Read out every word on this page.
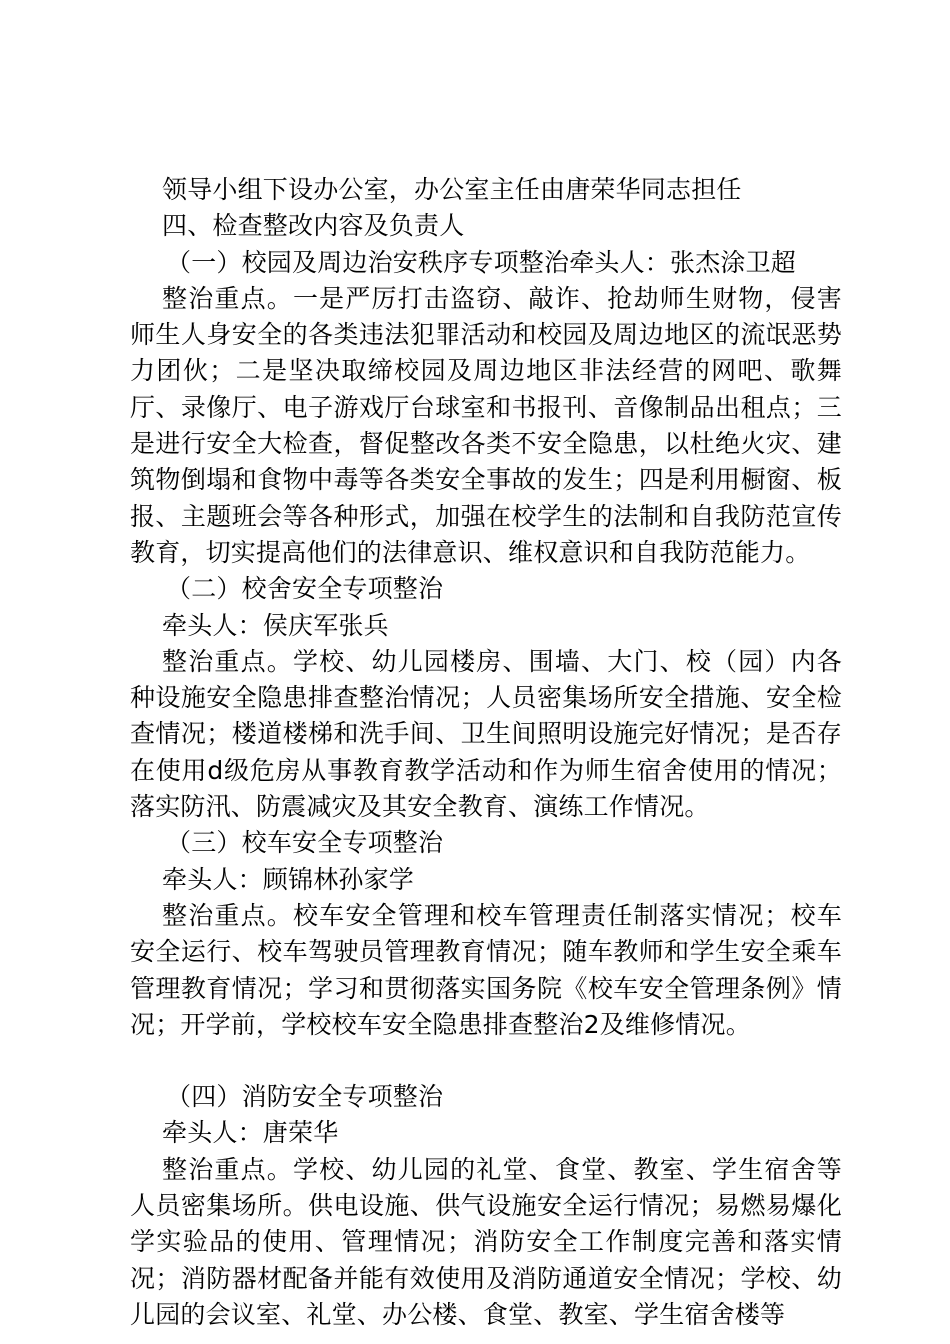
领导小组下设办公室，办公室主任由唐荣华同志担任

四、检查整改内容及负责人

（一）校园及周边治安秩序专项整治牵头人：张杰涂卫超

整治重点。一是严厉打击盗窃、敲诈、抢劫师生财物，侵害师生人身安全的各类违法犯罪活动和校园及周边地区的流氓恶势力团伙；二是坚决取缔校园及周边地区非法经营的网吧、歌舞厅、录像厅、电子游戏厅台球室和书报刊、音像制品出租点；三是进行安全大检查，督促整改各类不安全隐患，以杜绝火灾、建筑物倒塌和食物中毒等各类安全事故的发生；四是利用橱窗、板报、主题班会等各种形式，加强在校学生的法制和自我防范宣传教育，切实提高他们的法律意识、维权意识和自我防范能力。

（二）校舍安全专项整治

牵头人：侯庆军张兵

整治重点。学校、幼儿园楼房、围墙、大门、校（园）内各种设施安全隐患排查整治情况；人员密集场所安全措施、安全检查情况；楼道楼梯和洗手间、卫生间照明设施完好情况；是否存在使用d级危房从事教育教学活动和作为师生宿舍使用的情况；落实防汛、防震减灾及其安全教育、演练工作情况。

（三）校车安全专项整治

牵头人：顾锦林孙家学

整治重点。校车安全管理和校车管理责任制落实情况；校车安全运行、校车驾驶员管理教育情况；随车教师和学生安全乘车管理教育情况；学习和贯彻落实国务院《校车安全管理条例》情况；开学前，学校校车安全隐患排查整治2及维修情况。

（四）消防安全专项整治

牵头人：唐荣华

整治重点。学校、幼儿园的礼堂、食堂、教室、学生宿舍等人员密集场所。供电设施、供气设施安全运行情况；易燃易爆化学实验品的使用、管理情况；消防安全工作制度完善和落实情况；消防器材配备并能有效使用及消防通道安全情况；学校、幼儿园的会议室、礼堂、办公楼、食堂、教室、学生宿舍楼等
